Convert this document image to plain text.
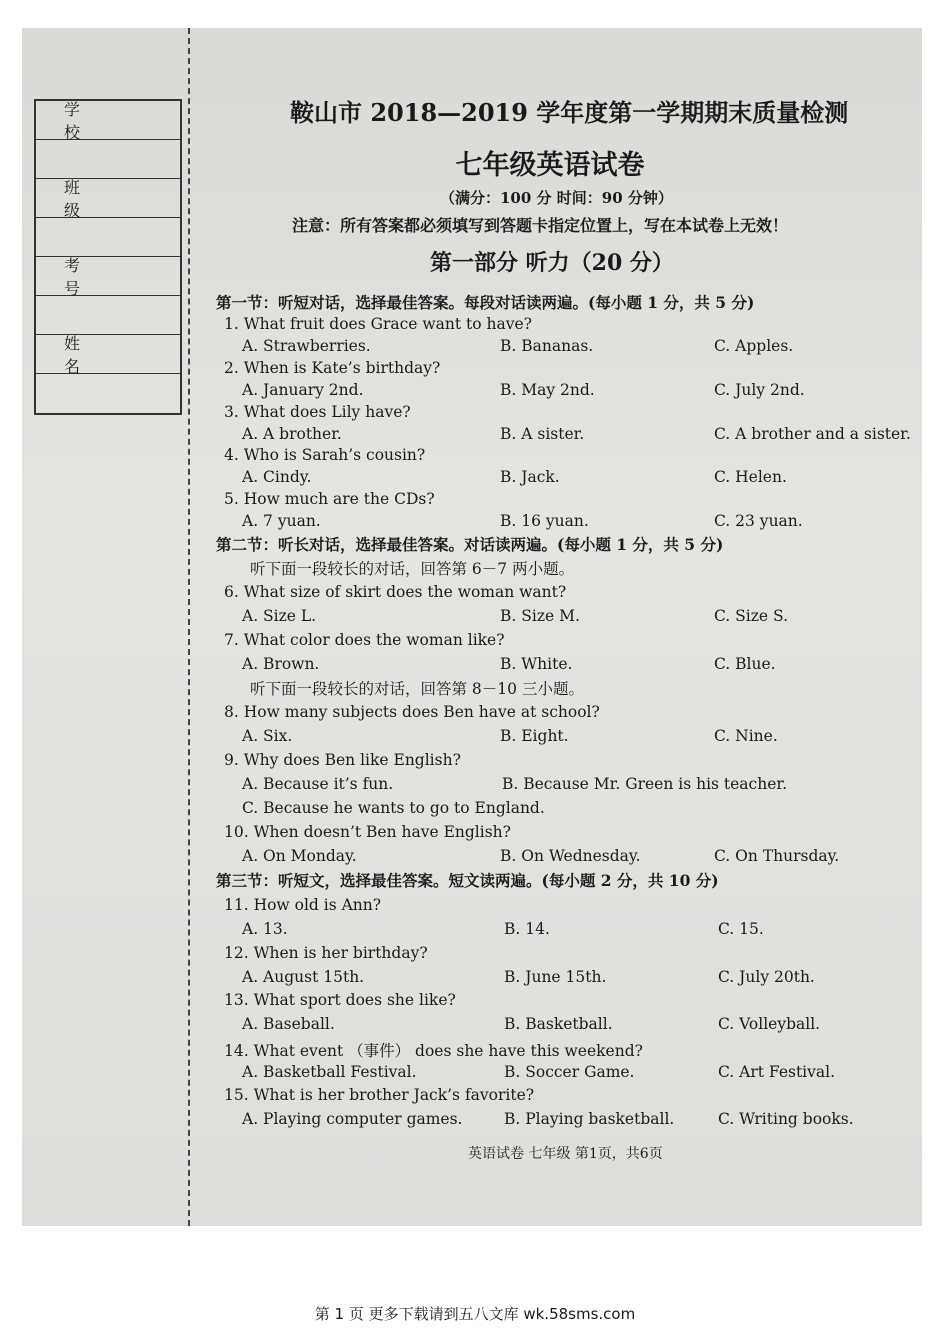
学 校
班 级
考 号
姓 名
鞍山市 2018—2019 学年度第一学期期末质量检测
七年级英语试卷
（满分：100 分 时间：90 分钟）
注意：所有答案都必须填写到答题卡指定位置上，写在本试卷上无效！
第一部分 听力（20 分）
第一节：听短对话，选择最佳答案。每段对话读两遍。(每小题 1 分，共 5 分)
第二节：听长对话，选择最佳答案。对话读两遍。(每小题 1 分，共 5 分)
听下面一段较长的对话，回答第 6－7 两小题。
听下面一段较长的对话，回答第 8－10 三小题。
第三节：听短文，选择最佳答案。短文读两遍。(每小题 2 分，共 10 分)
1. What fruit does Grace want to have?
A. Strawberries.	B. Bananas.	C. Apples.
2. When is Kate’s birthday?
A. January 2nd.	B. May 2nd.	C. July 2nd.
3. What does Lily have?
A. A brother.	B. A sister.	C. A brother and a sister.
4. Who is Sarah’s cousin?
A. Cindy.	B. Jack.	C. Helen.
5. How much are the CDs?
A. 7 yuan.	B. 16 yuan.	C. 23 yuan.
6. What size of skirt does the woman want?
A. Size L.	B. Size M.	C. Size S.
7. What color does the woman like?
A. Brown.	B. White.	C. Blue.
8. How many subjects does Ben have at school?
A. Six.	B. Eight.	C. Nine.
9. Why does Ben like English?
A. Because it’s fun.	B. Because Mr. Green is his teacher.
C. Because he wants to go to England.
10. When doesn’t Ben have English?
A. On Monday.	B. On Wednesday.	C. On Thursday.
11. How old is Ann?
A. 13.	B. 14.	C. 15.
12. When is her birthday?
A. August 15th.	B. June 15th.	C. July 20th.
13. What sport does she like?
A. Baseball.	B. Basketball.	C. Volleyball.
14. What event （事件） does she have this weekend?
A. Basketball Festival.	B. Soccer Game.	C. Art Festival.
15. What is her brother Jack’s favorite?
A. Playing computer games.	B. Playing basketball.	C. Writing books.
英语试卷 七年级 第1页，共6页
第 1 页 更多下载请到五八文库 wk.58sms.com
